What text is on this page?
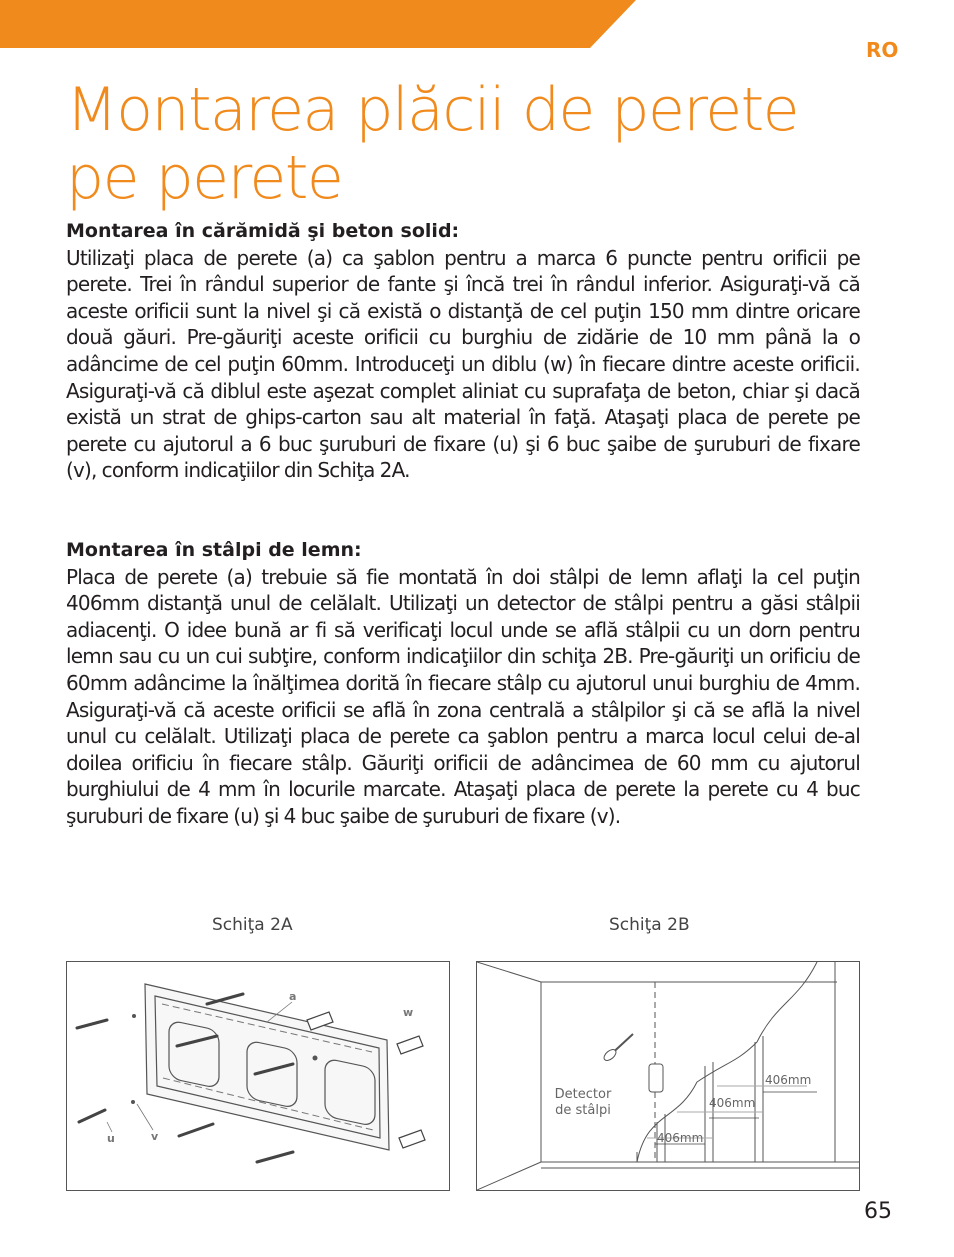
RO
Montarea plăcii de perete
pe perete
Montarea în cărămidă şi beton solid:

Utilizaţi placa de perete (a) ca şablon pentru a marca 6 puncte pentru orificii pe perete. Trei în rândul superior de fante şi încă trei în rândul inferior. Asiguraţi-vă că aceste orificii sunt la nivel şi că există o distanţă de cel puţin 150 mm dintre oricare două găuri. Pre-găuriţi aceste orificii cu burghiu de zidărie de 10 mm până la o adâncime de cel puţin 60mm. Introduceţi un diblu (w) în fiecare dintre aceste orificii. Asiguraţi-vă că diblul este aşezat complet aliniat cu suprafaţa de beton, chiar şi dacă există un strat de ghips-carton sau alt material în faţă. Ataşaţi placa de perete pe perete cu ajutorul a 6 buc şuruburi de fixare (u) şi 6 buc şaibe de şuruburi de fixare (v), conform indicaţiilor din Schiţa 2A.

Montarea în stâlpi de lemn:

Placa de perete (a) trebuie să fie montată în doi stâlpi de lemn aflaţi la cel puţin 406mm distanţă unul de celălalt. Utilizaţi un detector de stâlpi pentru a găsi stâlpii adiacenţi. O idee bună ar fi să verificaţi locul unde se află stâlpii cu un dorn pentru lemn sau cu un cui subţire, conform indicaţiilor din schiţa 2B. Pre-găuriţi un orificiu de 60mm adâncime la înălţimea dorită în fiecare stâlp cu ajutorul unui burghiu de 4mm. Asiguraţi-vă că aceste orificii se află în zona centrală a stâlpilor şi că se află la nivel unul cu celălalt. Utilizaţi placa de perete ca şablon pentru a marca locul celui de-al doilea orificiu în fiecare stâlp. Găuriţi orificii de adâncimea de 60 mm cu ajutorul burghiului de 4 mm în locurile marcate. Ataşaţi placa de perete la perete cu 4 buc şuruburi de fixare (u) şi 4 buc şaibe de şuruburi de fixare (v).

Schiţa 2A	Schiţa 2B
a
w
u	v
Detector
de stâlpi
406mm
406mm
406mm
65
